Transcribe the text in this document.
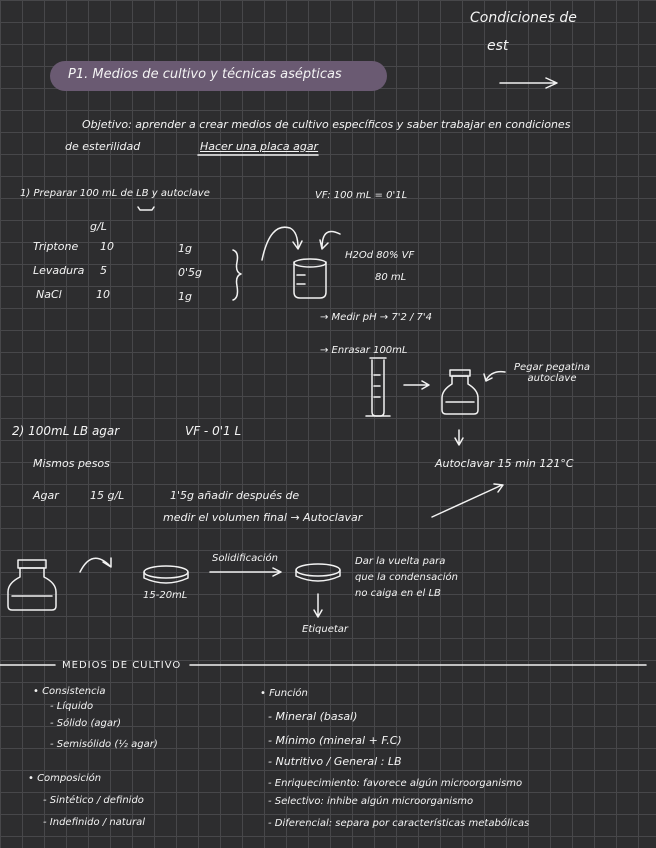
Condiciones de
est
P1. Medios de cultivo y técnicas asépticas
Objetivo: aprender a crear medios de cultivo específicos y saber trabajar en condiciones
de esterilidad	Hacer una placa agar
1) Preparar 100 mL de LB y autoclave	VF: 100 mL = 0'1L
g/L
Triptone 10	1g
Levadura 5	0'5g
NaCl	10	1g
H2Od 80% VF
80 mL
→ Medir pH → 7'2 / 7'4
→ Enrasar 100mL
Pegar pegatina autoclave
Autoclavar 15 min 121°C
2) 100mL LB agar	VF - 0'1 L
Mismos pesos
Agar	15 g/L	1'5g añadir después de
medir el volumen final → Autoclavar
Solidificación
15-20mL
Dar la vuelta para
que la condensación
no caiga en el LB
Etiquetar
MEDIOS DE CULTIVO
• Consistencia
- Líquido
- Sólido (agar)
- Semisólido (½ agar)
• Composición
- Sintético / definido
- Indefinido / natural
• Función
- Mineral (basal)
- Mínimo (mineral + F.C)
- Nutritivo / General : LB
- Enriquecimiento: favorece algún microorganismo
- Selectivo: inhibe algún microorganismo
- Diferencial: separa por características metabólicas
